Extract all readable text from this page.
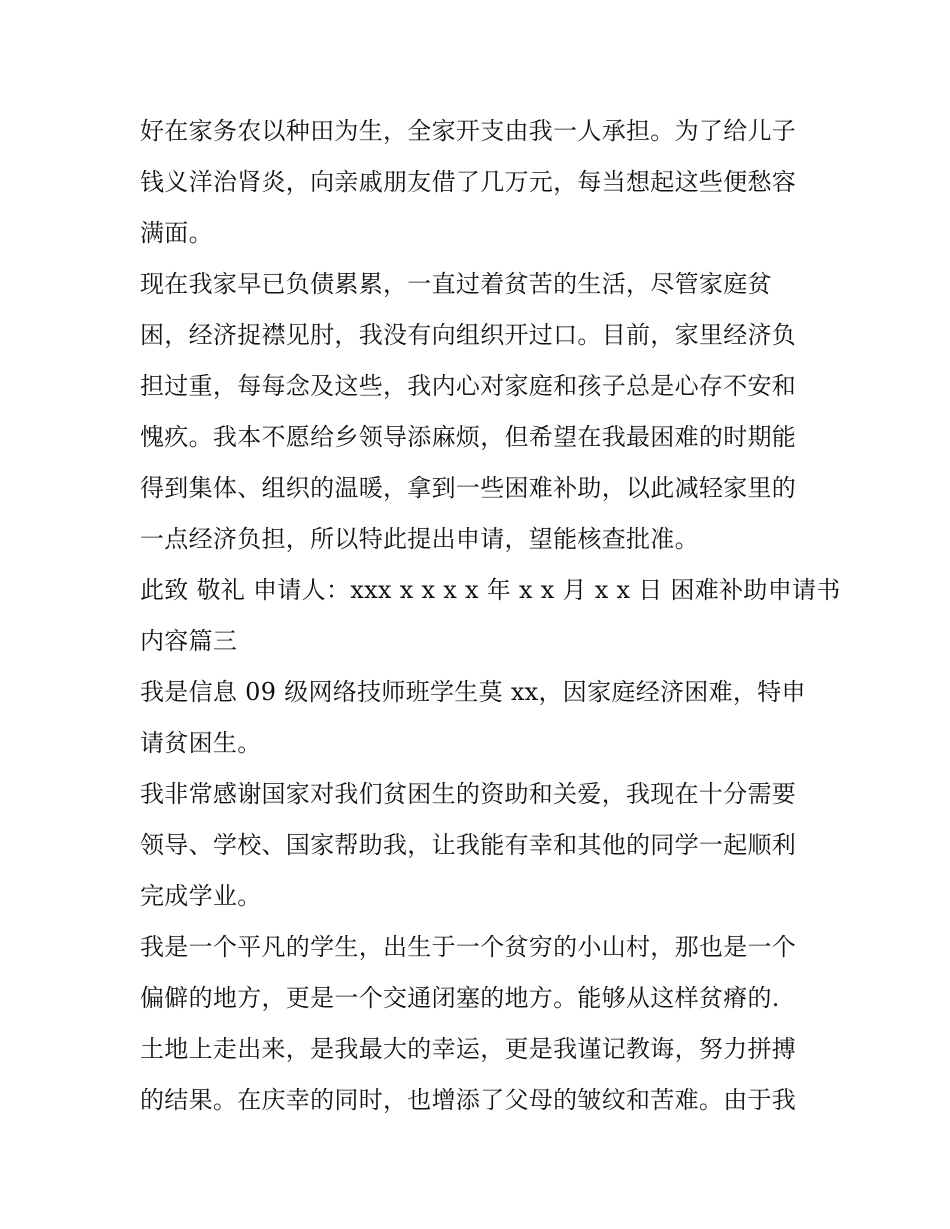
好在家务农以种田为生，全家开支由我一人承担。为了给儿子
钱义洋治肾炎，向亲戚朋友借了几万元，每当想起这些便愁容
满面。
现在我家早已负债累累，一直过着贫苦的生活，尽管家庭贫
困，经济捉襟见肘，我没有向组织开过口。目前，家里经济负
担过重，每每念及这些，我内心对家庭和孩子总是心存不安和
愧疚。我本不愿给乡领导添麻烦，但希望在我最困难的时期能
得到集体、组织的温暖，拿到一些困难补助，以此减轻家里的
一点经济负担，所以特此提出申请，望能核查批准。
此致 敬礼 申请人：xxx x x x x 年 x x 月 x x 日 困难补助申请书
内容篇三
我是信息 09 级网络技师班学生莫 xx，因家庭经济困难，特申
请贫困生。
我非常感谢国家对我们贫困生的资助和关爱，我现在十分需要
领导、学校、国家帮助我，让我能有幸和其他的同学一起顺利
完成学业。
我是一个平凡的学生，出生于一个贫穷的小山村，那也是一个
偏僻的地方，更是一个交通闭塞的地方。能够从这样贫瘠的.
土地上走出来，是我最大的幸运，更是我谨记教诲，努力拼搏
的结果。在庆幸的同时，也增添了父母的皱纹和苦难。由于我
